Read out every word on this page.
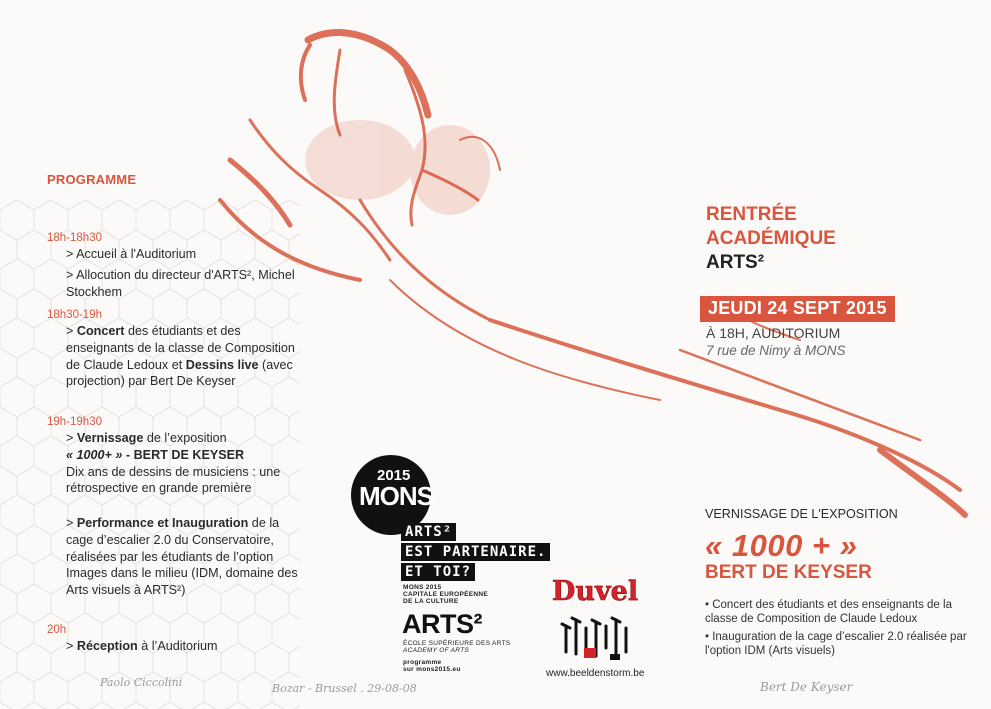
PROGRAMME
18h-18h30
> Accueil à l'Auditorium
> Allocution du directeur d'ARTS², Michel Stockhem
18h30-19h
> Concert des étudiants et des enseignants de la classe de Composition de Claude Ledoux et Dessins live (avec projection) par Bert De Keyser
19h-19h30
> Vernissage de l’exposition
« 1000+ » - BERT DE KEYSER
Dix ans de dessins de musiciens : une rétrospective en grande première
> Performance et Inauguration de la cage d’escalier 2.0 du Conservatoire, réalisées par les étudiants de l’option Images dans le milieu (IDM, domaine des Arts visuels à ARTS²)
20h
> Réception à l’Auditorium
RENTRÉE
ACADÉMIQUE
ARTS²
JEUDI 24 SEPT 2015
À 18H, AUDITORIUM
7 rue de Nimy à MONS
VERNISSAGE DE L'EXPOSITION
« 1000 + »
BERT DE KEYSER
• Concert des étudiants et des enseignants de la classe de Composition de Claude Ledoux
• Inauguration de la cage d’escalier 2.0 réalisée par l'option IDM (Arts visuels)
2015
MONS
ARTS²
EST PARTENAIRE.
ET TOI?
MONS 2015
CAPITALE EUROPÉENNE
DE LA CULTURE
ARTS²
ÉCOLE SUPÉRIEURE DES ARTS
ACADEMY OF ARTS
programme
sur mons2015.eu
Duvel
www.beeldenstorm.be
Paolo Ciccolini	Bozar - Brussel . 29-08-08	Bert De Keyser
